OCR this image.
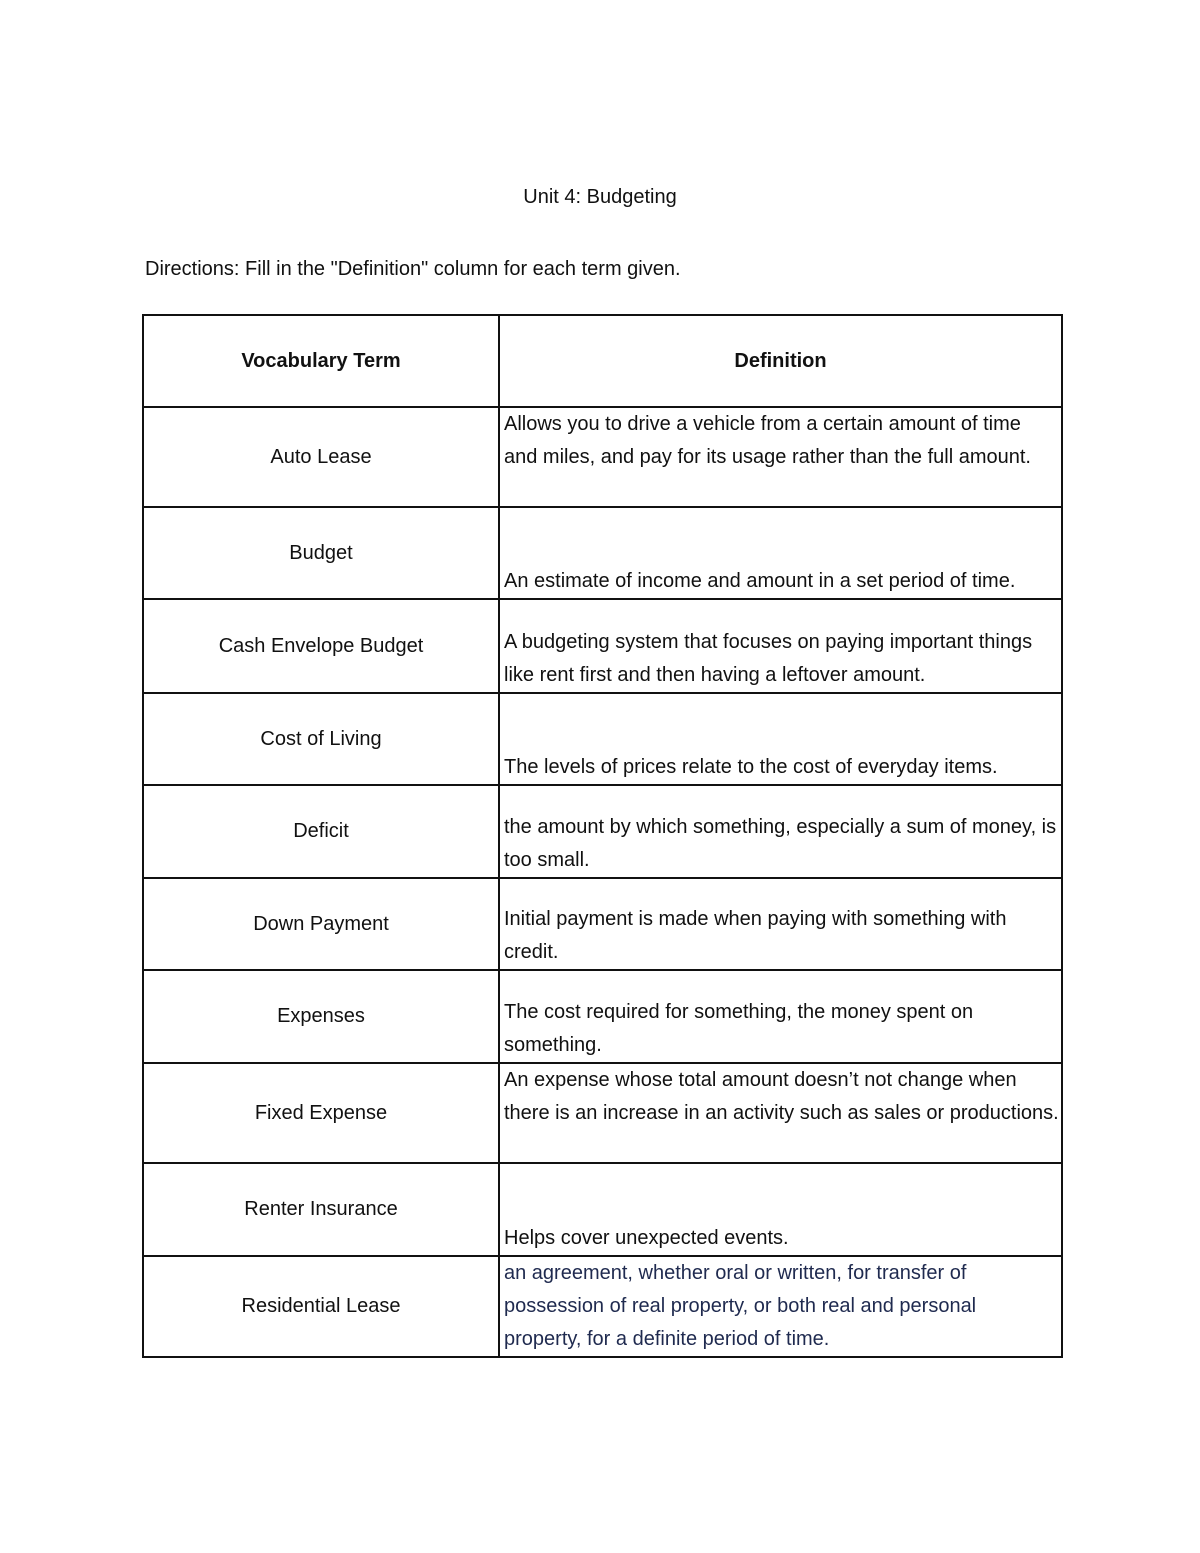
Unit 4: Budgeting
Directions: Fill in the "Definition" column for each term given.
Vocabulary Term	Definition
Auto Lease	Allows you to drive a vehicle from a certain amount of time and miles, and pay for its usage rather than the full amount.
Budget	An estimate of income and amount in a set period of time.
Cash Envelope Budget	A budgeting system that focuses on paying important things like rent first and then having a leftover amount.
Cost of Living	The levels of prices relate to the cost of everyday items.
Deficit	the amount by which something, especially a sum of money, is too small.
Down Payment	Initial payment is made when paying with something with credit.
Expenses	The cost required for something, the money spent on something.
Fixed Expense	An expense whose total amount doesn’t not change when there is an increase in an activity such as sales or productions.
Renter Insurance	Helps cover unexpected events.
Residential Lease	an agreement, whether oral or written, for transfer of possession of real property, or both real and personal property, for a definite period of time.
